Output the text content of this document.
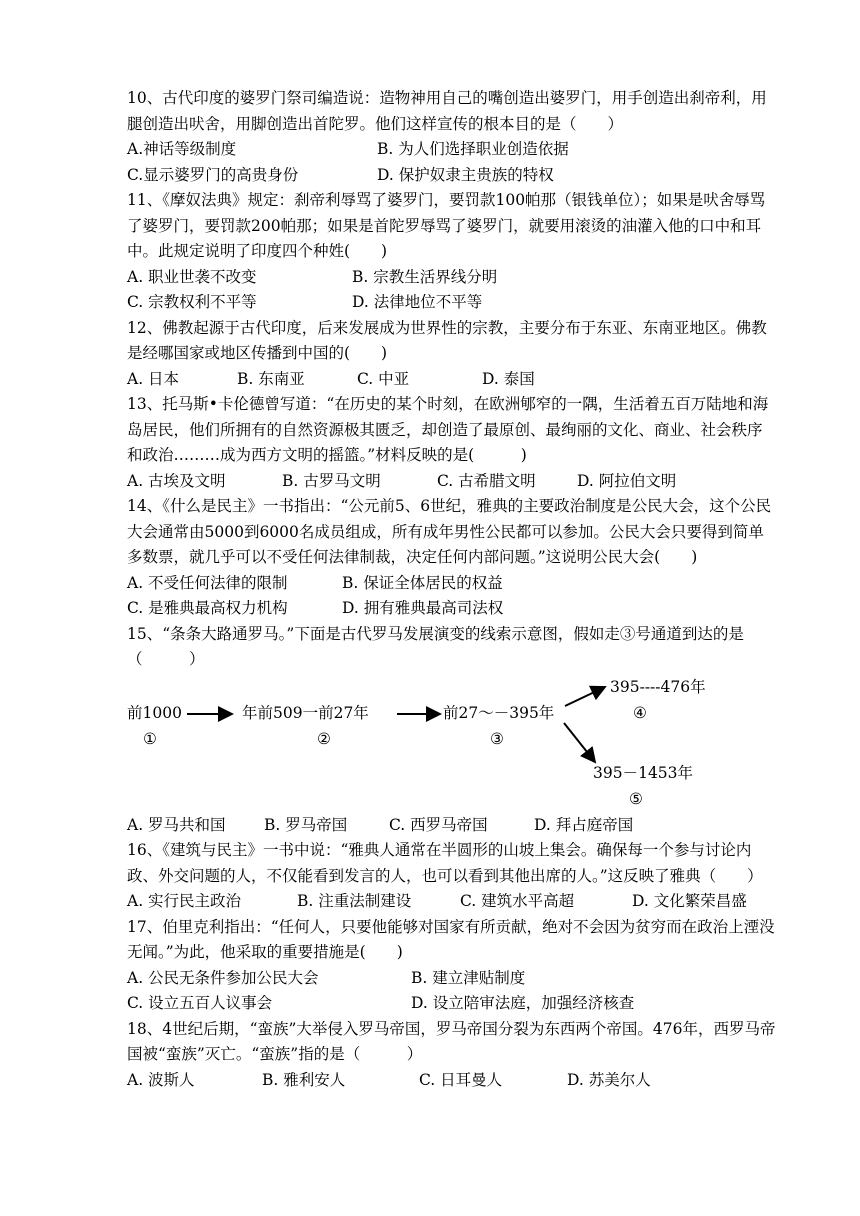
10、古代印度的婆罗门祭司编造说：造物神用自己的嘴创造出婆罗门，用手创造出刹帝利，用腿创造出吠舍，用脚创造出首陀罗。他们这样宣传的根本目的是（　　）

A.神话等级制度	B. 为人们选择职业创造依据
C.显示婆罗门的高贵身份	D. 保护奴隶主贵族的特权

11、《摩奴法典》规定：刹帝利辱骂了婆罗门，要罚款100帕那（银钱单位）；如果是吠舍辱骂了婆罗门，要罚款200帕那；如果是首陀罗辱骂了婆罗门，就要用滚烫的油灌入他的口中和耳中。此规定说明了印度四个种姓(　　)

A. 职业世袭不改变	B. 宗教生活界线分明
C. 宗教权利不平等	D. 法律地位不平等

12、佛教起源于古代印度，后来发展成为世界性的宗教，主要分布于东亚、东南亚地区。佛教是经哪国家或地区传播到中国的(　　)

A. 日本	B. 东南亚	C. 中亚	D. 泰国

13、托马斯•卡伦德曾写道：“在历史的某个时刻，在欧洲郇窄的一隅，生活着五百万陆地和海岛居民，他们所拥有的自然资源极其匮乏，却创造了最原创、最绚丽的文化、商业、社会秩序和政治………成为西方文明的摇篮。”材料反映的是(　　　)

A. 古埃及文明	B. 古罗马文明	C. 古希腊文明	D. 阿拉伯文明

14、《什么是民主》一书指出：“公元前5、6世纪，雅典的主要政治制度是公民大会，这个公民大会通常由5000到6000名成员组成，所有成年男性公民都可以参加。公民大会只要得到简单多数票，就几乎可以不受任何法律制裁，决定任何内部问题。”这说明公民大会(　　)

A. 不受任何法律的限制	B. 保证全体居民的权益
C. 是雅典最高权力机构	D. 拥有雅典最高司法权

15、“条条大路通罗马。”下面是古代罗马发展演变的线索示意图，假如走③号通道到达的是（　　　）

前1000
①
年前509一前27年
②
前27～－395年
③
395----476年
④
395－1453年
⑤
A. 罗马共和国	B. 罗马帝国	C. 西罗马帝国	D. 拜占庭帝国

16、《建筑与民主》一书中说：“雅典人通常在半圆形的山坡上集会。确保每一个参与讨论内政、外交问题的人，不仅能看到发言的人，也可以看到其他出席的人。”这反映了雅典（　　）

A. 实行民主政治	B. 注重法制建设	C. 建筑水平高超	D. 文化繁荣昌盛

17、伯里克利指出：“任何人，只要他能够对国家有所贡献，绝对不会因为贫穷而在政治上湮没无闻。”为此，他采取的重要措施是(　　)

A. 公民无条件参加公民大会	B. 建立津贴制度
C. 设立五百人议事会	D. 设立陪审法庭，加强经济核查

18、4世纪后期，“蛮族”大举侵入罗马帝国，罗马帝国分裂为东西两个帝国。476年，西罗马帝国被“蛮族”灭亡。“蛮族”指的是（　　　）

A. 波斯人	B. 雅利安人	C. 日耳曼人	D. 苏美尔人
